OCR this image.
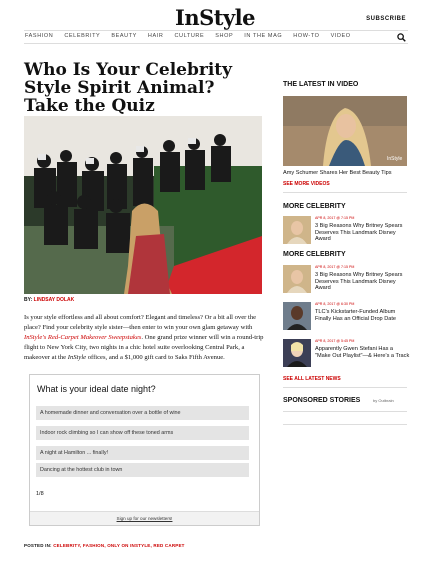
InStyle	SUBSCRIBE
FASHION CELEBRITY BEAUTY HAIR CULTURE SHOP IN THE MAG HOW-TO VIDEO
Who Is Your Celebrity Style Spirit Animal? Take the Quiz
BY: LINDSAY DOLAK

Is your style effortless and all about comfort? Elegant and timeless? Or a bit all over the place? Find your celebrity style sister—then enter to win your own glam getaway with InStyle's Red-Carpet Makeover Sweepstakes. One grand prize winner will win a round-trip flight to New York City, two nights in a chic hotel suite overlooking Central Park, a makeover at the InStyle offices, and a $1,000 gift card to Saks Fifth Avenue.

What is your ideal date night?
A homemade dinner and conversation over a bottle of wine
Indoor rock climbing so I can show off these toned arms
A night at Hamilton ... finally!
Dancing at the hottest club in town
1/8
Sign up for our newsletters!
POSTED IN: CELEBRITY, FASHION, ONLY ON INSTYLE, RED CARPET
THE LATEST IN VIDEO
InStyle
Amy Schumer Shares Her Best Beauty Tips
SEE MORE VIDEOS
MORE CELEBRITY
APR 8, 2017 @ 7:15 PM
3 Big Reasons Why Britney Spears Deserves This Landmark Disney Award
MORE CELEBRITY
APR 8, 2017 @ 7:15 PM
3 Big Reasons Why Britney Spears Deserves This Landmark Disney Award
APR 8, 2017 @ 6:30 PM
TLC's Kickstarter-Funded Album Finally Has an Official Drop Date
APR 8, 2017 @ 5:45 PM
Apparently Gwen Stefani Has a "Make Out Playlist"—& Here's a Track
SEE ALL LATEST NEWS
SPONSORED STORIES	by Outbrain
